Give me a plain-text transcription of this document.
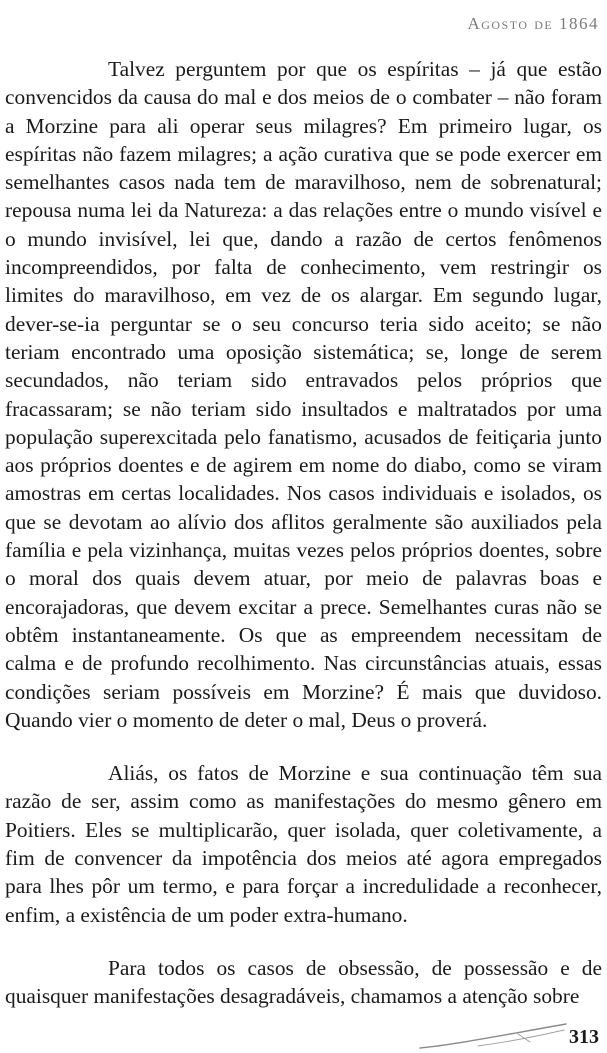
Agosto de 1864

Talvez perguntem por que os espíritas – já que estão convencidos da causa do mal e dos meios de o combater – não foram a Morzine para ali operar seus milagres? Em primeiro lugar, os espíritas não fazem milagres; a ação curativa que se pode exercer em semelhantes casos nada tem de maravilhoso, nem de sobrenatural; repousa numa lei da Natureza: a das relações entre o mundo visível e o mundo invisível, lei que, dando a razão de certos fenômenos incompreendidos, por falta de conhecimento, vem restringir os limites do maravilhoso, em vez de os alargar. Em segundo lugar, dever-se-ia perguntar se o seu concurso teria sido aceito; se não teriam encontrado uma oposição sistemática; se, longe de serem secundados, não teriam sido entravados pelos próprios que fracassaram; se não teriam sido insultados e maltratados por uma população superexcitada pelo fanatismo, acusados de feitiçaria junto aos próprios doentes e de agirem em nome do diabo, como se viram amostras em certas localidades. Nos casos individuais e isolados, os que se devotam ao alívio dos aflitos geralmente são auxiliados pela família e pela vizinhança, muitas vezes pelos próprios doentes, sobre o moral dos quais devem atuar, por meio de palavras boas e encorajadoras, que devem excitar a prece. Semelhantes curas não se obtêm instantaneamente. Os que as empreendem necessitam de calma e de profundo recolhimento. Nas circunstâncias atuais, essas condições seriam possíveis em Morzine? É mais que duvidoso. Quando vier o momento de deter o mal, Deus o proverá.

Aliás, os fatos de Morzine e sua continuação têm sua razão de ser, assim como as manifestações do mesmo gênero em Poitiers. Eles se multiplicarão, quer isolada, quer coletivamente, a fim de convencer da impotência dos meios até agora empregados para lhes pôr um termo, e para forçar a incredulidade a reconhecer, enfim, a existência de um poder extra-humano.

Para todos os casos de obsessão, de possessão e de quaisquer manifestações desagradáveis, chamamos a atenção sobre

313
